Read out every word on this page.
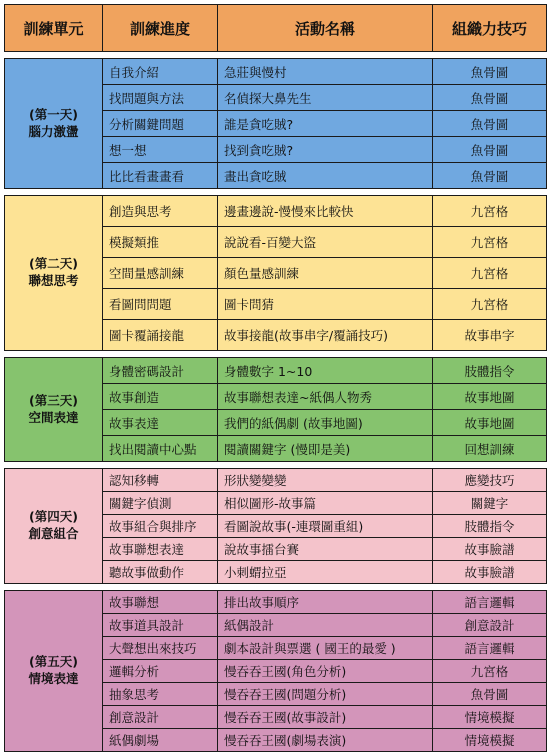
訓練單元	訓練進度	活動名稱	組織力技巧

(第一天)
腦力激盪	自我介紹	急莊與慢村	魚骨圖
	找問題與方法	名偵探大鼻先生	魚骨圖
	分析關鍵問題	誰是貪吃賊?	魚骨圖
	想一想	找到貪吃賊?	魚骨圖
	比比看畫畫看	畫出貪吃賊	魚骨圖

(第二天)
聯想思考	創造與思考	邊畫邊說-慢慢來比較快	九宮格
	模擬類推	說說看-百變大盜	九宮格
	空間量感訓練	顏色量感訓練	九宮格
	看圖問問題	圖卡問猜	九宮格
	圖卡覆誦接龍	故事接龍(故事串字/覆誦技巧)	故事串字

(第三天)
空間表達	身體密碼設計	身體數字 1~10	肢體指令
	故事創造	故事聯想表達~紙偶人物秀	故事地圖
	故事表達	我們的紙偶劇 (故事地圖)	故事地圖
	找出閱讀中心點	閱讀關鍵字 (慢即是美)	回想訓練

(第四天)
創意組合	認知移轉	形狀變變變	應變技巧
	關鍵字偵測	相似圖形-故事篇	關鍵字
	故事組合與排序	看圖說故事(-連環圖重組)	肢體指令
	故事聯想表達	說故事擂台賽	故事臉譜
	聽故事做動作	小刺蝟拉亞	故事臉譜

(第五天)
情境表達	故事聯想	排出故事順序	語言邏輯
	故事道具設計	紙偶設計	創意設計
	大聲想出來技巧	劇本設計與票選 ( 國王的最愛 )	語言邏輯
	邏輯分析	慢吞吞王國(角色分析)	九宮格
	抽象思考	慢吞吞王國(問題分析)	魚骨圖
	創意設計	慢吞吞王國(故事設計)	情境模擬
	紙偶劇場	慢吞吞王國(劇場表演)	情境模擬
